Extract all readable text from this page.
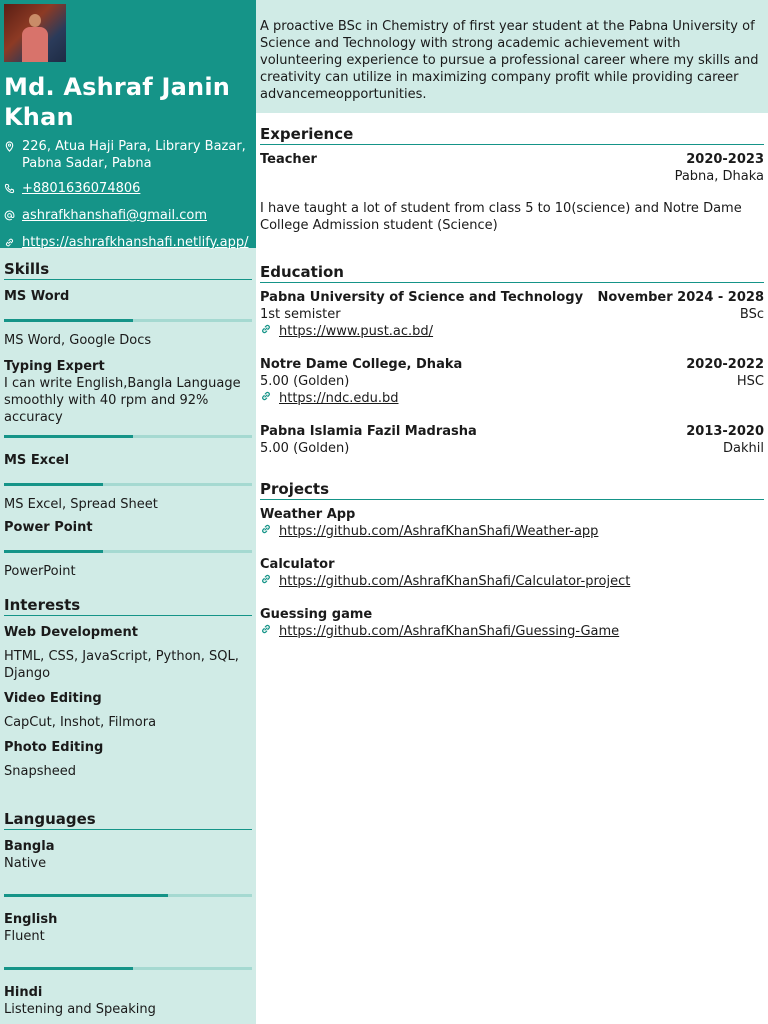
Md. Ashraf Janin Khan
226, Atua Haji Para, Library Bazar, Pabna Sadar, Pabna
+8801636074806
ashrafkhanshafi@gmail.com
https://ashrafkhanshafi.netlify.app/
Skills
MS Word
MS Word, Google Docs
Typing Expert
I can write English,Bangla Language smoothly with 40 rpm and 92% accuracy
MS Excel
MS Excel, Spread Sheet
Power Point
PowerPoint
Interests
Web Development
HTML, CSS, JavaScript, Python, SQL, Django
Video Editing
CapCut, Inshot, Filmora
Photo Editing
Snapsheed
Languages
Bangla
Native
English
Fluent
Hindi
Listening and Speaking
A proactive BSc in Chemistry of first year student at the Pabna University of Science and Technology with strong academic achievement with volunteering experience to pursue a professional career where my skills and creativity can utilize in maximizing company profit while providing career advancemeopportunities.
Experience
Teacher	2020-2023
Pabna, Dhaka
I have taught a lot of student from class 5 to 10(science) and Notre Dame College Admission student (Science)
Education
Pabna University of Science and Technology November 2024 - 2028
1st semister	BSc
https://www.pust.ac.bd/
Notre Dame College, Dhaka	2020-2022
5.00 (Golden)	HSC
https://ndc.edu.bd
Pabna Islamia Fazil Madrasha	2013-2020
5.00 (Golden)	Dakhil
Projects
Weather App
https://github.com/AshrafKhanShafi/Weather-app
Calculator
https://github.com/AshrafKhanShafi/Calculator-project
Guessing game
https://github.com/AshrafKhanShafi/Guessing-Game
